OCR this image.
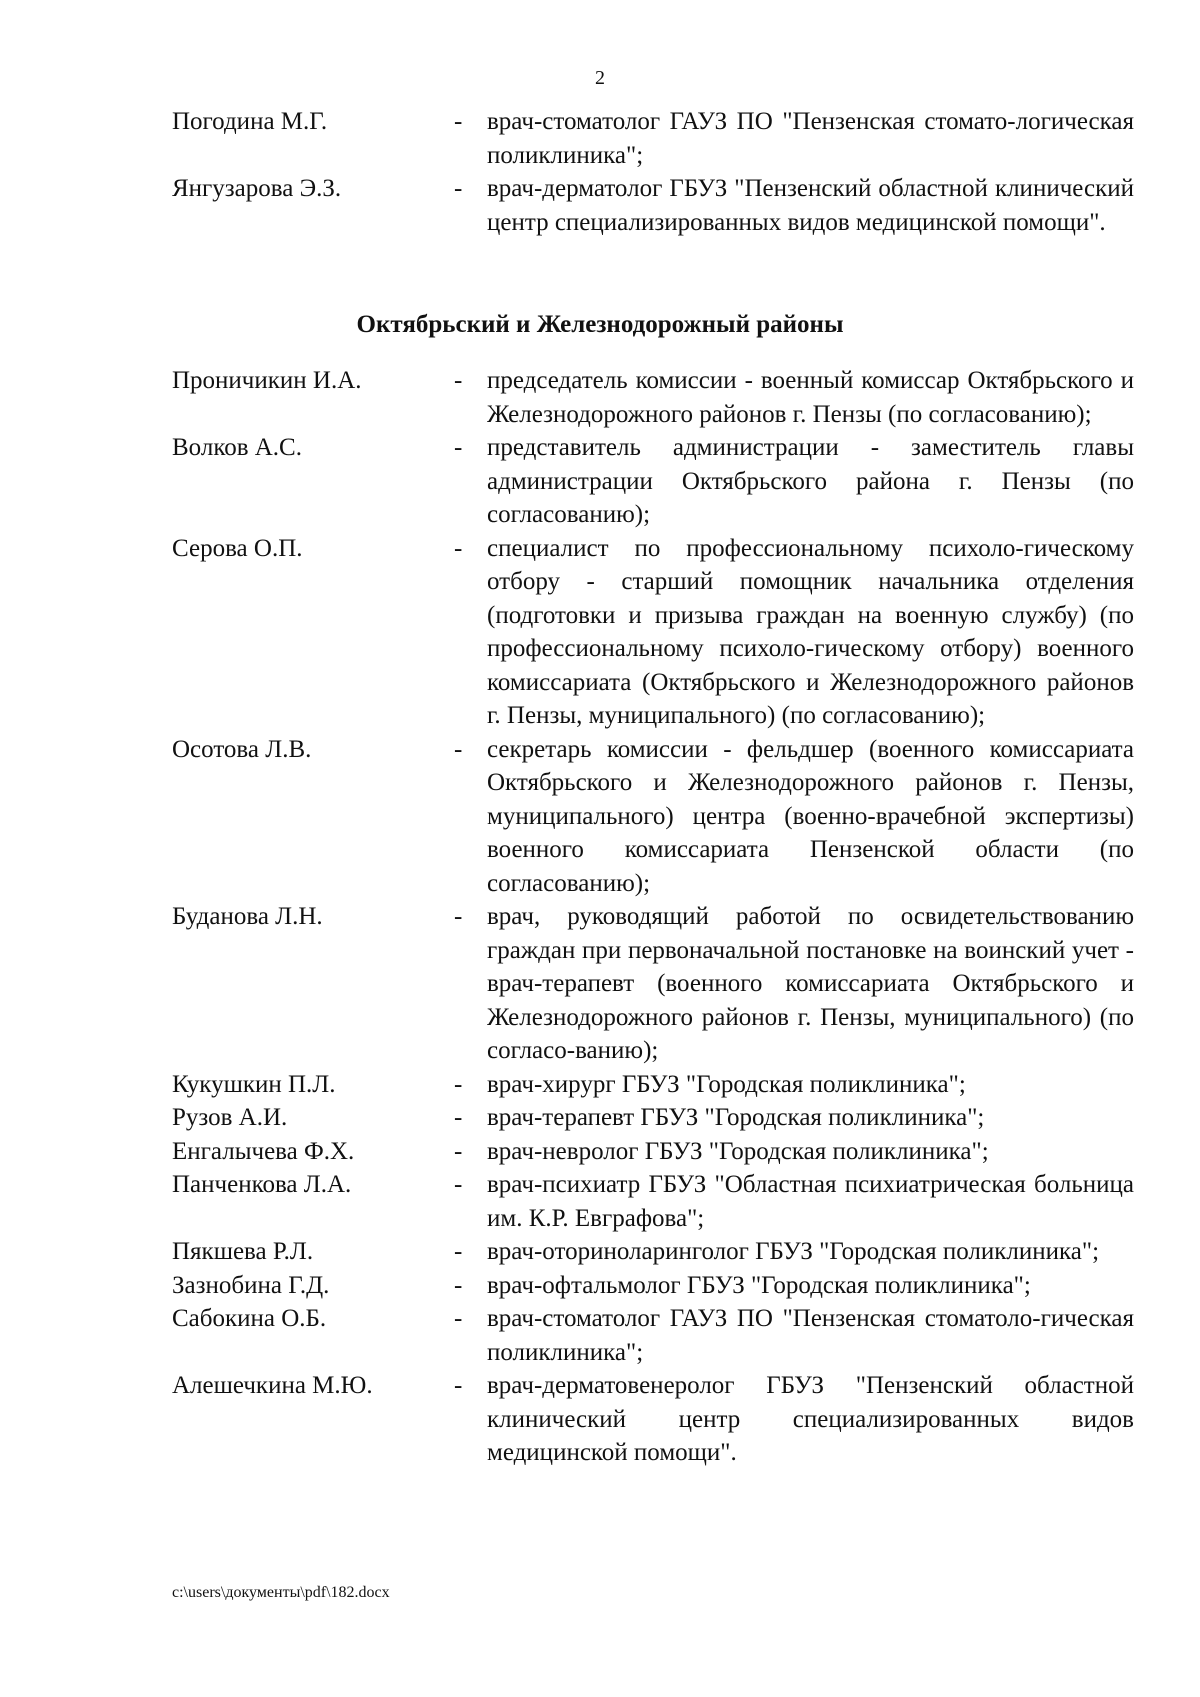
2
Погодина М.Г.	- врач-стоматолог ГАУЗ ПО "Пензенская стомато-логическая поликлиника";
Янгузарова Э.З.	- врач-дерматолог ГБУЗ "Пензенский областной клинический центр специализированных видов медицинской помощи".
Октябрьский и Железнодорожный районы
Проничикин И.А.	- председатель комиссии - военный комиссар Октябрьского и Железнодорожного районов г. Пензы (по согласованию);
Волков А.С.	- представитель администрации - заместитель главы администрации Октябрьского района г. Пензы (по согласованию);
Серова О.П.	- специалист по профессиональному психоло-гическому отбору - старший помощник начальника отделения (подготовки и призыва граждан на военную службу) (по профессиональному психоло-гическому отбору) военного комиссариата (Октябрьского и Железнодорожного районов г. Пензы, муниципального) (по согласованию);
Осотова Л.В.	- секретарь комиссии - фельдшер (военного комиссариата Октябрьского и Железнодорожного районов г. Пензы, муниципального) центра (военно-врачебной экспертизы) военного комиссариата Пензенской области (по согласованию);
Буданова Л.Н.	- врач, руководящий работой по освидетельствованию граждан при первоначальной постановке на воинский учет - врач-терапевт (военного комиссариата Октябрьского и Железнодорожного районов г. Пензы, муниципального) (по согласо-ванию);
Кукушкин П.Л.	- врач-хирург ГБУЗ "Городская поликлиника";
Рузов А.И.	- врач-терапевт ГБУЗ "Городская поликлиника";
Енгалычева Ф.Х.	- врач-невролог ГБУЗ "Городская поликлиника";
Панченкова Л.А.	- врач-психиатр ГБУЗ "Областная психиатрическая больница им. К.Р. Евграфова";
Пякшева Р.Л.	- врач-оториноларинголог ГБУЗ "Городская поликлиника";
Зазнобина Г.Д.	- врач-офтальмолог ГБУЗ "Городская поликлиника";
Сабокина О.Б.	- врач-стоматолог ГАУЗ ПО "Пензенская стоматоло-гическая поликлиника";
Алешечкина М.Ю.	- врач-дерматовенеролог ГБУЗ "Пензенский областной клинический центр специализированных видов медицинской помощи".
c:\users\документы\pdf\182.docx
